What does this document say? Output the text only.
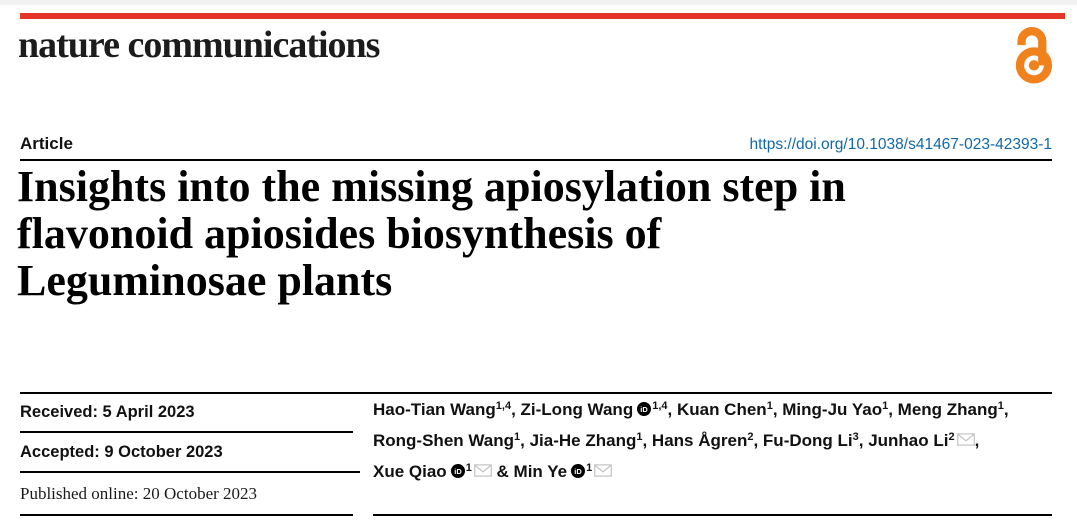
nature communications
Article	https://doi.org/10.1038/s41467-023-42393-1
Insights into the missing apiosylation step in
flavonoid apiosides biosynthesis of
Leguminosae plants
Received: 5 April 2023
Accepted: 9 October 2023
Published online: 20 October 2023
Hao-Tian Wang$^{1,4}$, Zi-Long Wang iD $^{1,4}$, Kuan Chen$^1$, Ming-Ju Yao$^1$, Meng Zhang$^1$, Rong-Shen Wang$^1$, Jia-He Zhang$^1$, Hans Ågren$^2$, Fu-Dong Li$^3$, Junhao Li$^2$ , Xue Qiao iD $^1$ & Min Ye iD $^1$
